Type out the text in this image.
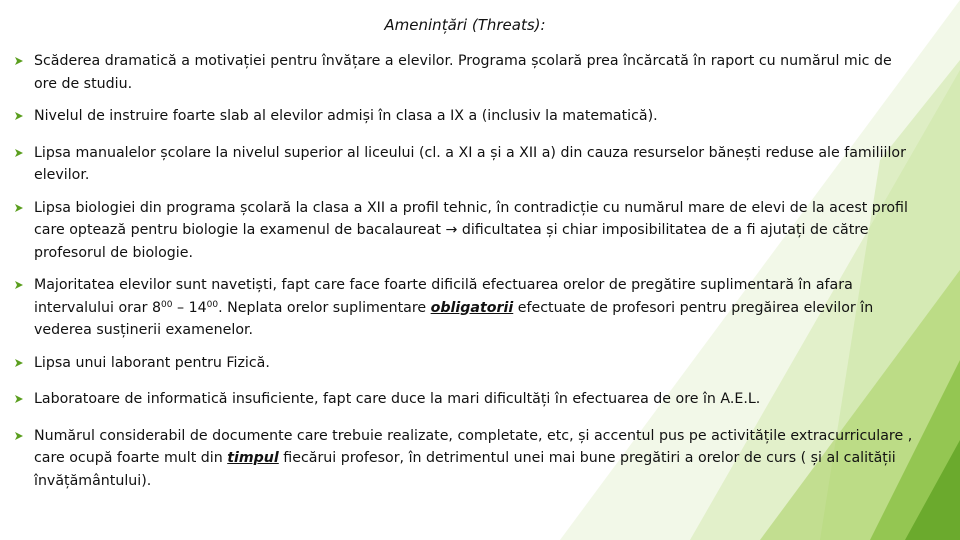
Amenințări (Threats):
Scăderea dramatică a motivației pentru învățare a elevilor. Programa școlară prea încărcată în raport cu numărul mic de ore de studiu.
Nivelul de instruire foarte slab al elevilor admiși în clasa a IX a (inclusiv la matematică).
Lipsa manualelor școlare la nivelul superior al liceului (cl. a XI a și a XII a) din cauza resurselor bănești reduse ale familiilor elevilor.
Lipsa biologiei din programa școlară la clasa a XII a profil tehnic, în contradicție cu numărul mare de elevi de la acest profil care optează pentru biologie la examenul de bacalaureat → dificultatea și chiar imposibilitatea de a fi ajutați de către profesorul de biologie.
Majoritatea elevilor sunt navetiști, fapt care face foarte dificilă efectuarea orelor de pregătire suplimentară în afara intervalului orar $8^{00} - 14^{00}$. Neplata orelor suplimentare obligatorii efectuate de profesori pentru pregăirea elevilor în vederea susținerii examenelor.
Lipsa unui laborant pentru Fizică.
Laboratoare de informatică insuficiente, fapt care duce la mari dificultăți în efectuarea de ore în A.E.L.
Numărul considerabil de documente care trebuie realizate, completate, etc, și accentul pus pe activitățile extracurriculare , care ocupă foarte mult din timpul fiecărui profesor, în detrimentul unei mai bune pregătiri a orelor de curs ( și al calității învățământului).
